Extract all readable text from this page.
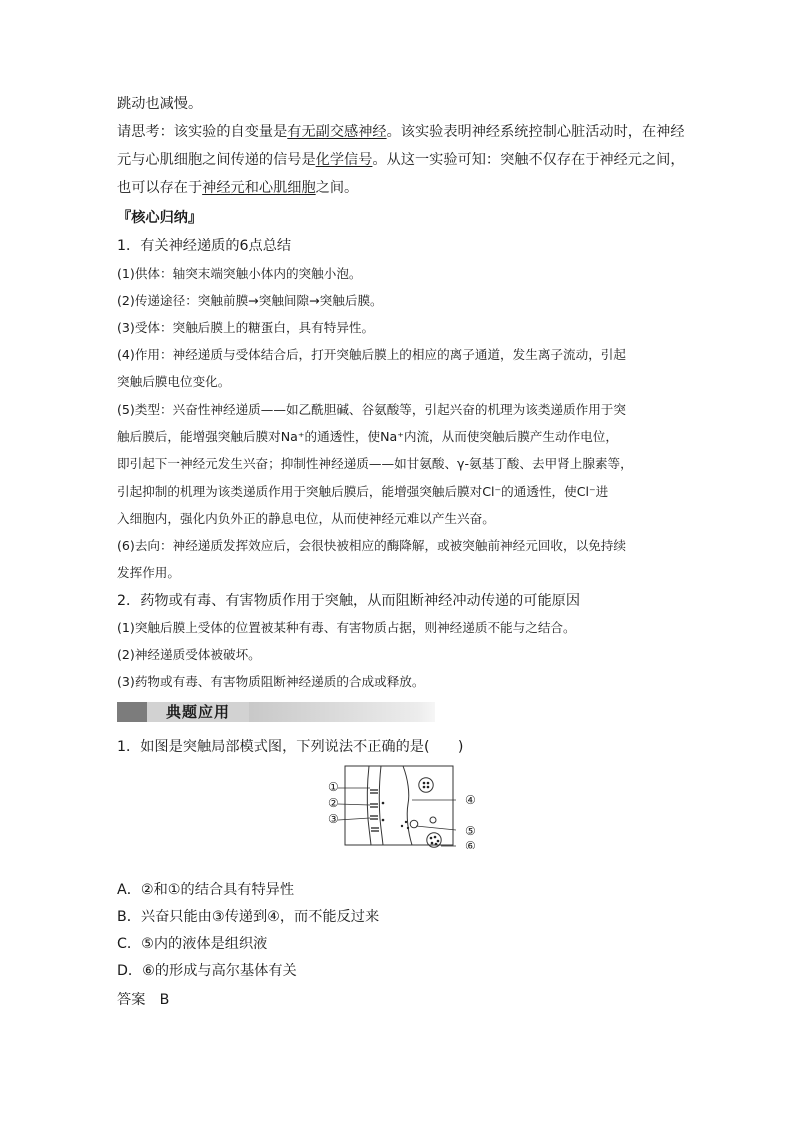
跳动也减慢。
请思考：该实验的自变量是有无副交感神经。该实验表明神经系统控制心脏活动时，在神经
元与心肌细胞之间传递的信号是化学信号。从这一实验可知：突触不仅存在于神经元之间，
也可以存在于神经元和心肌细胞之间。
『核心归纳』
1．有关神经递质的6点总结
(1)供体：轴突末端突触小体内的突触小泡。
(2)传递途径：突触前膜→突触间隙→突触后膜。
(3)受体：突触后膜上的糖蛋白，具有特异性。
(4)作用：神经递质与受体结合后，打开突触后膜上的相应的离子通道，发生离子流动，引起
突触后膜电位变化。
(5)类型：兴奋性神经递质——如乙酰胆碱、谷氨酸等，引起兴奋的机理为该类递质作用于突
触后膜后，能增强突触后膜对Na⁺的通透性，使Na⁺内流，从而使突触后膜产生动作电位，
即引起下一神经元发生兴奋；抑制性神经递质——如甘氨酸、γ-氨基丁酸、去甲肾上腺素等，
引起抑制的机理为该类递质作用于突触后膜后，能增强突触后膜对Cl⁻的通透性，使Cl⁻进
入细胞内，强化内负外正的静息电位，从而使神经元难以产生兴奋。
(6)去向：神经递质发挥效应后，会很快被相应的酶降解，或被突触前神经元回收，以免持续
发挥作用。
2．药物或有毒、有害物质作用于突触，从而阻断神经冲动传递的可能原因
(1)突触后膜上受体的位置被某种有毒、有害物质占据，则神经递质不能与之结合。
(2)神经递质受体被破坏。
(3)药物或有毒、有害物质阻断神经递质的合成或释放。
典题应用
1．如图是突触局部模式图，下列说法不正确的是(　　)
①
②
③
④
⑤
⑥
A．②和①的结合具有特异性
B．兴奋只能由③传递到④，而不能反过来
C．⑤内的液体是组织液
D．⑥的形成与高尔基体有关
答案　 B
